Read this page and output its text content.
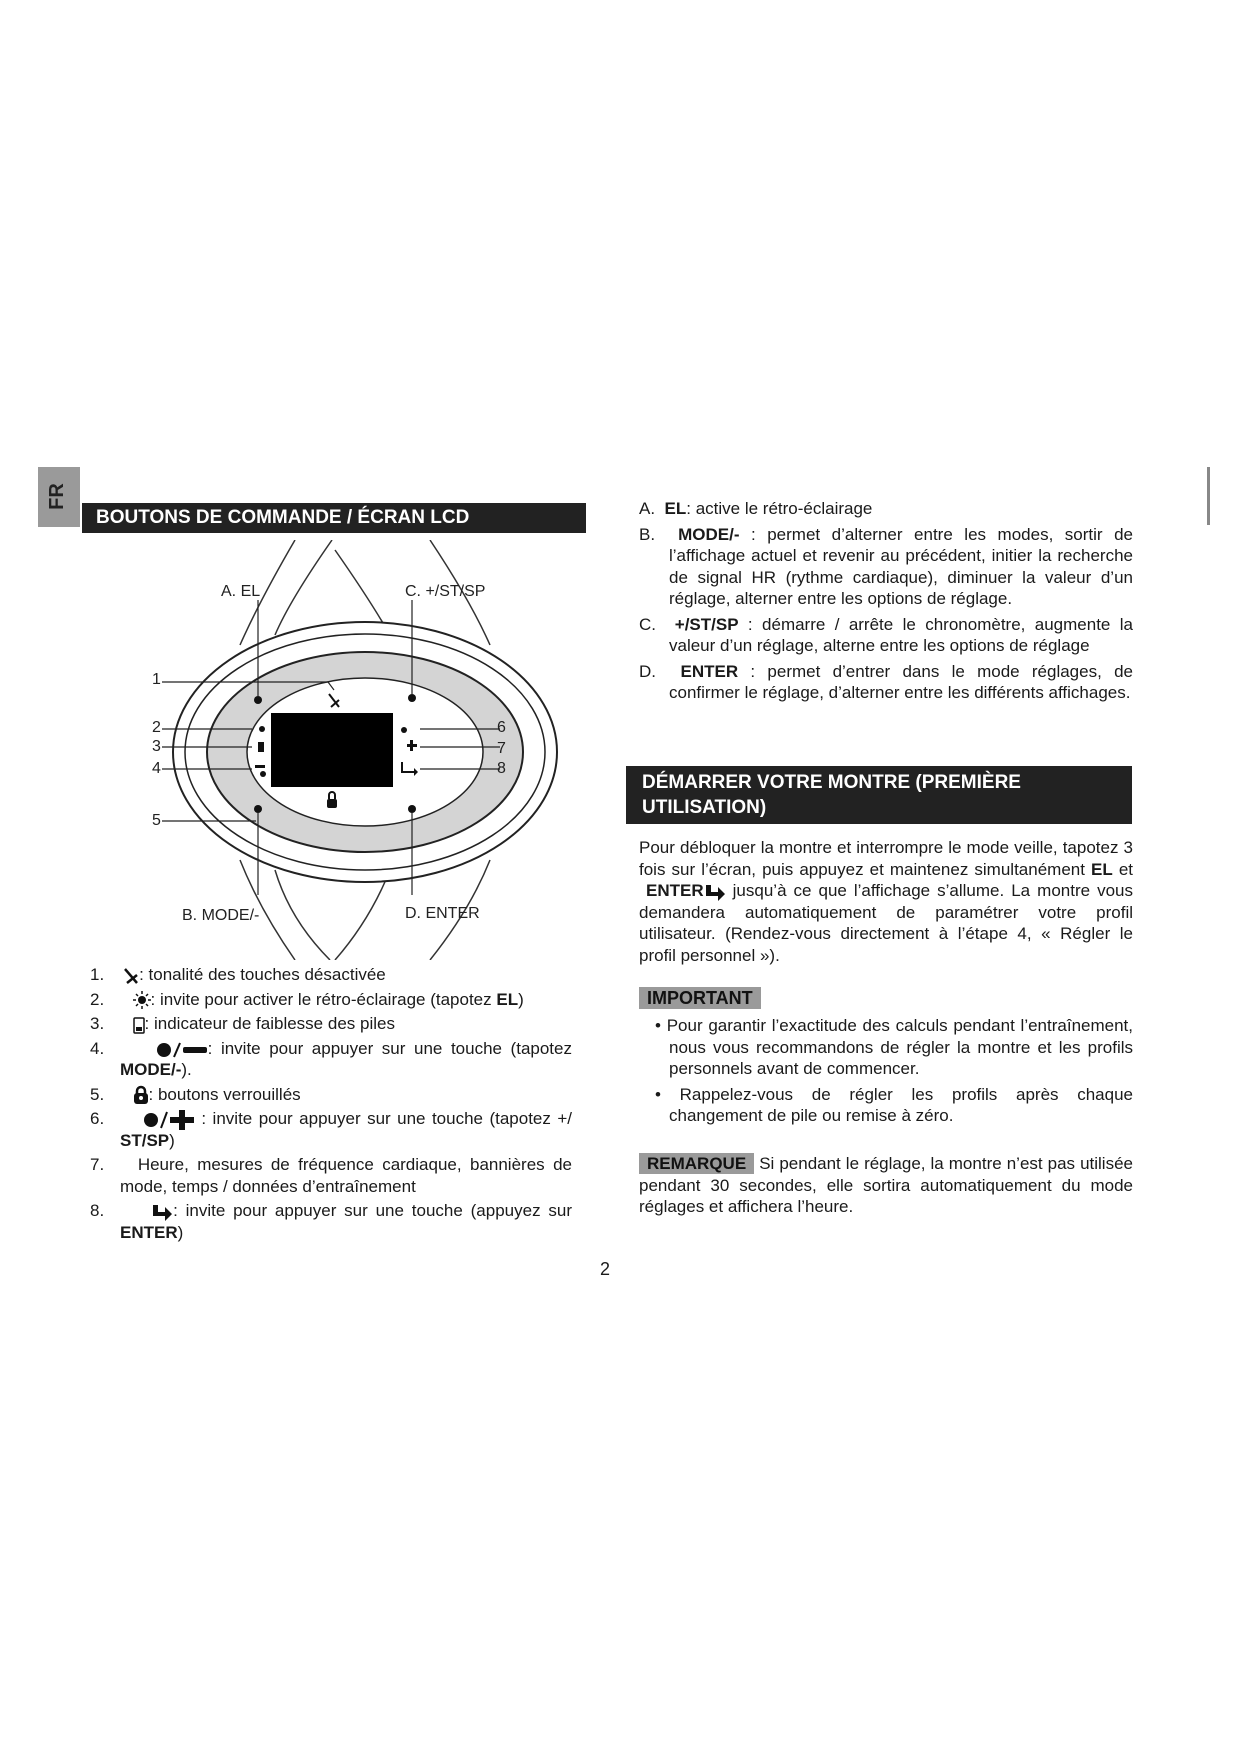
FR
BOUTONS DE COMMANDE / ÉCRAN LCD
A. EL	C. +/ST/SP
B. MODE/-	D. ENTER
1
2
3
4
5
6
7
8
1. : tonalité des touches désactivée
2.	: invite pour activer le rétro-éclairage (tapotez EL)
3. : indicateur de faiblesse des piles
4.	: invite pour appuyer sur une touche (tapotez MODE/-).
5.	: boutons verrouillés
6.	: invite pour appuyer sur une touche (tapotez +/ ST/SP)
7. Heure, mesures de fréquence cardiaque, bannières de mode, temps / données d’entraînement
8.	: invite pour appuyer sur une touche (appuyez sur ENTER)
A. EL: active le rétro-éclairage
B. MODE/- : permet d’alterner entre les modes, sortir de l’affichage actuel et revenir au précédent, initier la recherche de signal HR (rythme cardiaque), diminuer la valeur d’un réglage, alterner entre les options de réglage.
C. +/ST/SP : démarre / arrête le chronomètre, augmente la valeur d’un réglage, alterne entre les options de réglage
D. ENTER : permet d’entrer dans le mode réglages, de confirmer le réglage, d’alterner entre les différents affichages.
DÉMARRER VOTRE MONTRE (PREMIÈRE UTILISATION)
Pour débloquer la montre et interrompre le mode veille, tapotez 3 fois sur l’écran, puis appuyez et maintenez simultanément EL et  ENTER jusqu’à ce que l’affichage s’allume. La montre vous demandera automatiquement de paramétrer votre profil utilisateur. (Rendez-vous directement à l’étape 4, « Régler le profil personnel »).
IMPORTANT
• Pour garantir l’exactitude des calculs pendant l’entraînement, nous vous recommandons de régler la montre et les profils personnels avant de commencer.
• Rappelez-vous de régler les profils après chaque changement de pile ou remise à zéro.
REMARQUE Si pendant le réglage, la montre n’est pas utilisée pendant 30 secondes, elle sortira automatiquement du mode réglages et affichera l’heure.
2
